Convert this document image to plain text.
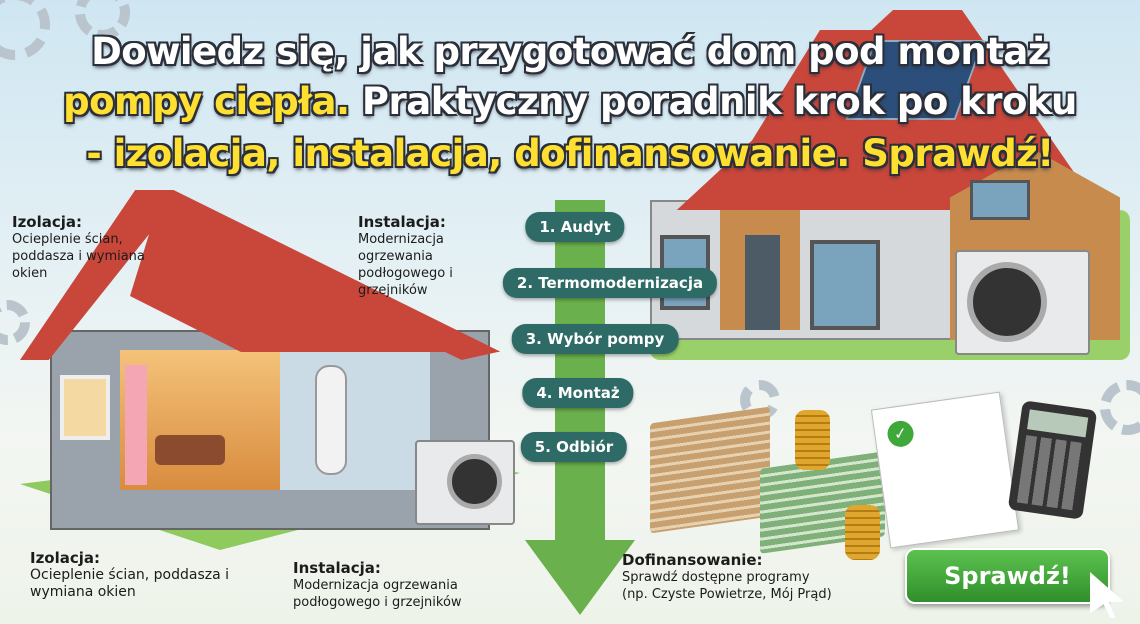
✓
Dowiedz się, jak przygotować dom pod montaż
pompy ciepła. Praktyczny poradnik krok po kroku
- izolacja, instalacja, dofinansowanie. Sprawdź!
Izolacja:
Ocieplenie ścian, poddasza i wymiana okien
Instalacja:
Modernizacja ogrzewania podłogowego i grzejników
Izolacja:
Ocieplenie ścian, poddasza i wymiana okien
Instalacja:
Modernizacja ogrzewania podłogowego i grzejników
Dofinansowanie:
Sprawdź dostępne programy
(np. Czyste Powietrze, Mój Prąd)
1. Audyt
2. Termomodernizacja
3. Wybór pompy
4. Montaż
5. Odbiór
Sprawdź!
